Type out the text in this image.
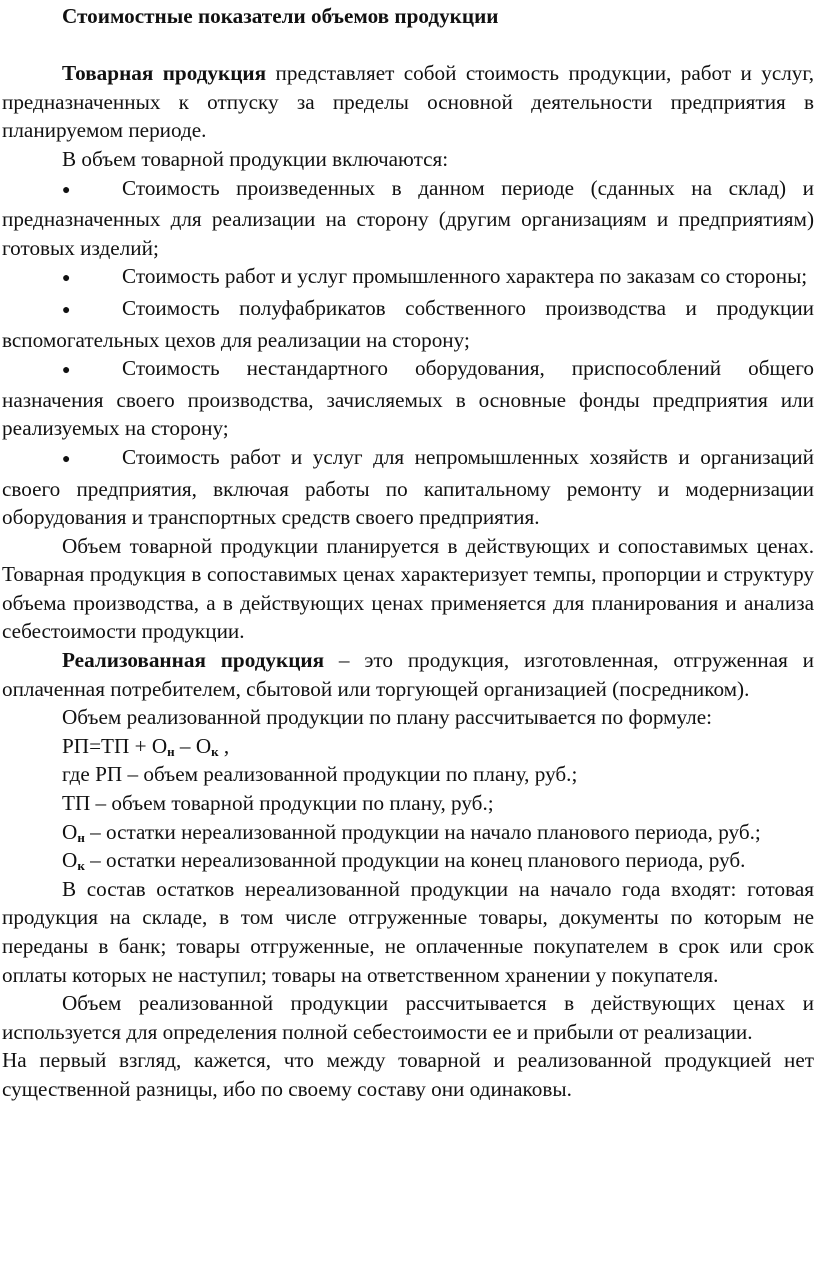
Стоимостные показатели объемов продукции

Товарная продукция представляет собой стоимость продукции, работ и услуг, предназначенных к отпуску за пределы основной деятельности предприятия в планируемом периоде.

В объем товарной продукции включаются:

● Стоимость произведенных в данном периоде (сданных на склад) и предназначенных для реализации на сторону (другим организациям и предприятиям) готовых изделий;

● Стоимость работ и услуг промышленного характера по заказам со стороны;

● Стоимость полуфабрикатов собственного производства и продукции вспомогательных цехов для реализации на сторону;

● Стоимость нестандартного оборудования, приспособлений общего назначения своего производства, зачисляемых в основные фонды предприятия или реализуемых на сторону;

● Стоимость работ и услуг для непромышленных хозяйств и организаций своего предприятия, включая работы по капитальному ремонту и модернизации оборудования и транспортных средств своего предприятия.

Объем товарной продукции планируется в действующих и сопоставимых ценах. Товарная продукция в сопоставимых ценах характеризует темпы, пропорции и структуру объема производства, а в действующих ценах применяется для планирования и анализа себестоимости продукции.

Реализованная продукция – это продукция, изготовленная, отгруженная и оплаченная потребителем, сбытовой или торгующей организацией (посредником).

Объем реализованной продукции по плану рассчитывается по формуле:

$РП=ТП + О_н - О_к$ ,

где РП – объем реализованной продукции по плану, руб.;

ТП – объем товарной продукции по плану, руб.;

$О_н$ – остатки нереализованной продукции на начало планового периода, руб.;

$О_к$ – остатки нереализованной продукции на конец планового периода, руб.

В состав остатков нереализованной продукции на начало года входят: готовая продукция на складе, в том числе отгруженные товары, документы по которым не переданы в банк; товары отгруженные, не оплаченные покупателем в срок или срок оплаты которых не наступил; товары на ответственном хранении у покупателя.

Объем реализованной продукции рассчитывается в действующих ценах и используется для определения полной себестоимости ее и прибыли от реализации.

На первый взгляд, кажется, что между товарной и реализованной продукцией нет существенной разницы, ибо по своему составу они одинаковы.
